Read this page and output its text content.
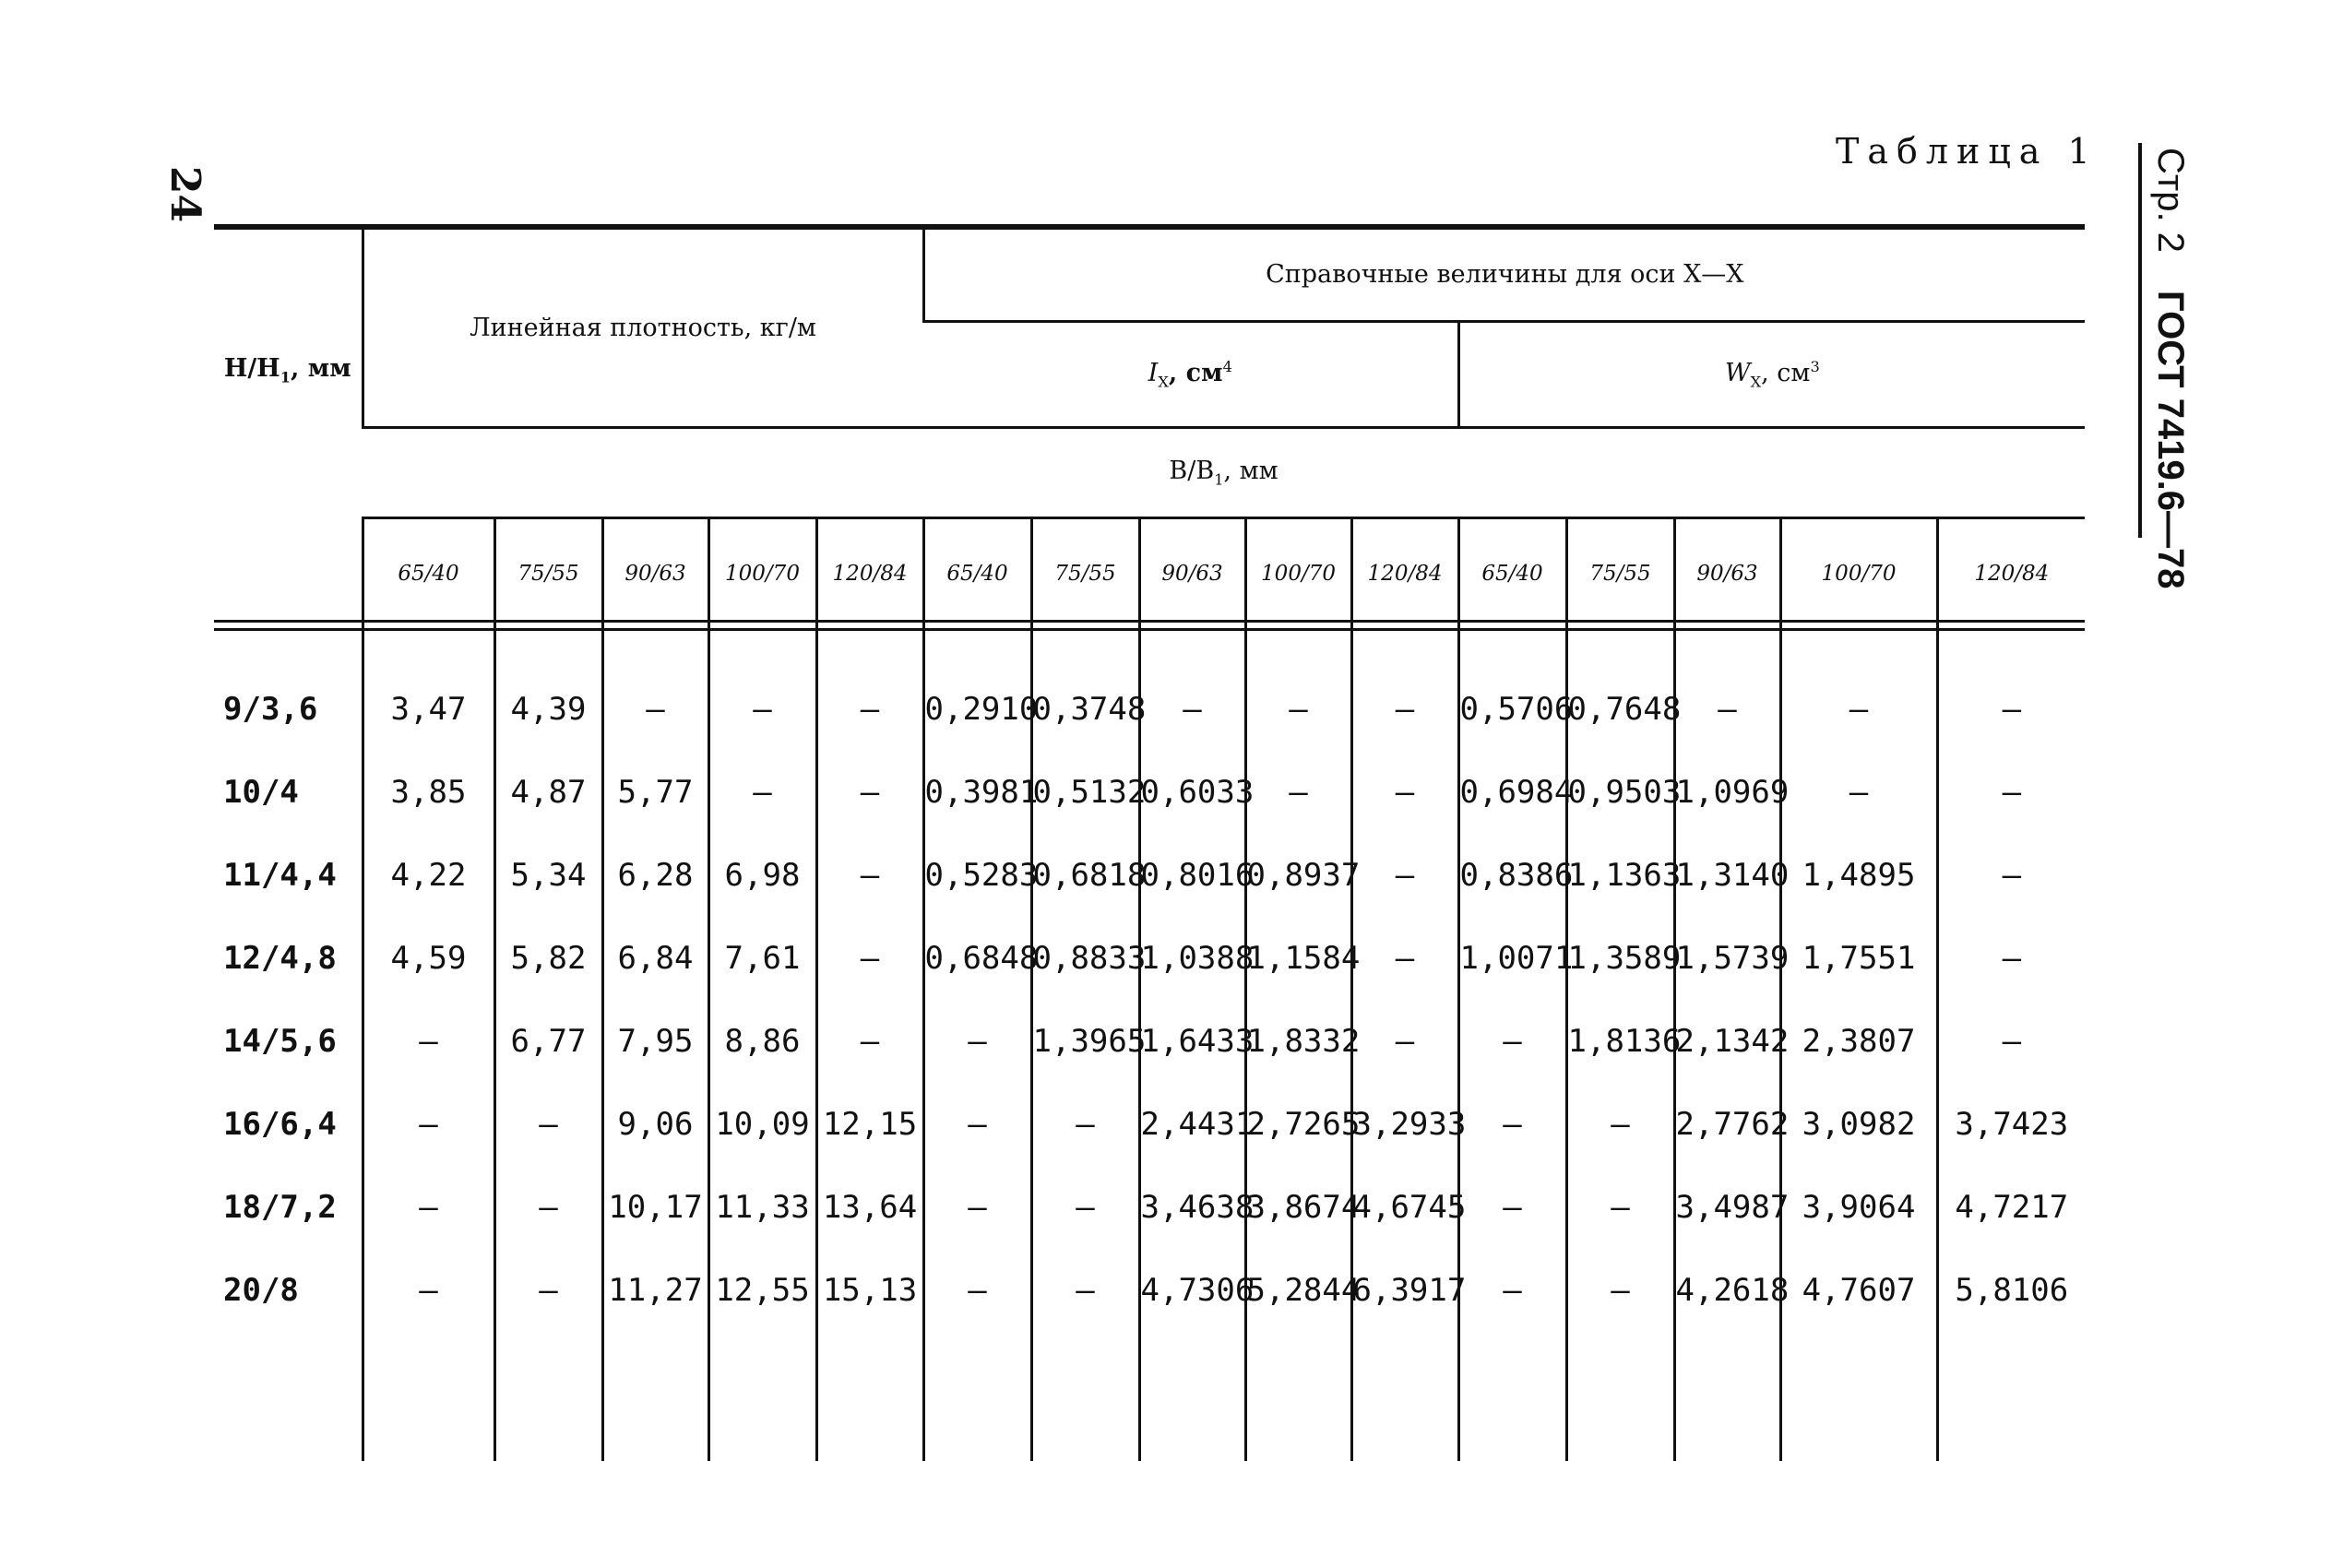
24
Таблица 1 Стр. 2 ГОСТ 7419.6—78
$H/H_1$, мм	Линейная плотность, кг/м					Справочные величины для оси X—X									
						$I_X$, $см^4$					$W_X$, $см^3$
	$B/B_1$, мм														
	65/40	75/55	90/63	100/70	120/84	65/40	75/55	90/63	100/70	120/84	65/40	75/55	90/63	100/70	120/84
9/3,6	3,47	4,39	—	—	—	0,2910	0,3748	—	—	—	0,5706	0,7648	—	—	—
10/4	3,85	4,87	5,77	—	—	0,3981	0,5132	0,6033	—	—	0,6984	0,9503	1,0969	—	—
11/4,4	4,22	5,34	6,28	6,98	—	0,5283	0,6818	0,8016	0,8937	—	0,8386	1,1363	1,3140	1,4895	—
12/4,8	4,59	5,82	6,84	7,61	—	0,6848	0,8833	1,0388	1,1584	—	1,0071	1,3589	1,5739	1,7551	—
14/5,6	—	6,77	7,95	8,86	—	—	1,3965	1,6433	1,8332	—	—	1,8136	2,1342	2,3807	—
16/6,4	—	—	9,06	10,09	12,15	—	—	2,4431	2,7265	3,2933	—	—	2,7762	3,0982	3,7423
18/7,2	—	—	10,17	11,33	13,64	—	—	3,4638	3,8674	4,6745	—	—	3,4987	3,9064	4,7217
20/8	—	—	11,27	12,55	15,13	—	—	4,7306	5,2844	6,3917	—	—	4,2618	4,7607	5,8106
